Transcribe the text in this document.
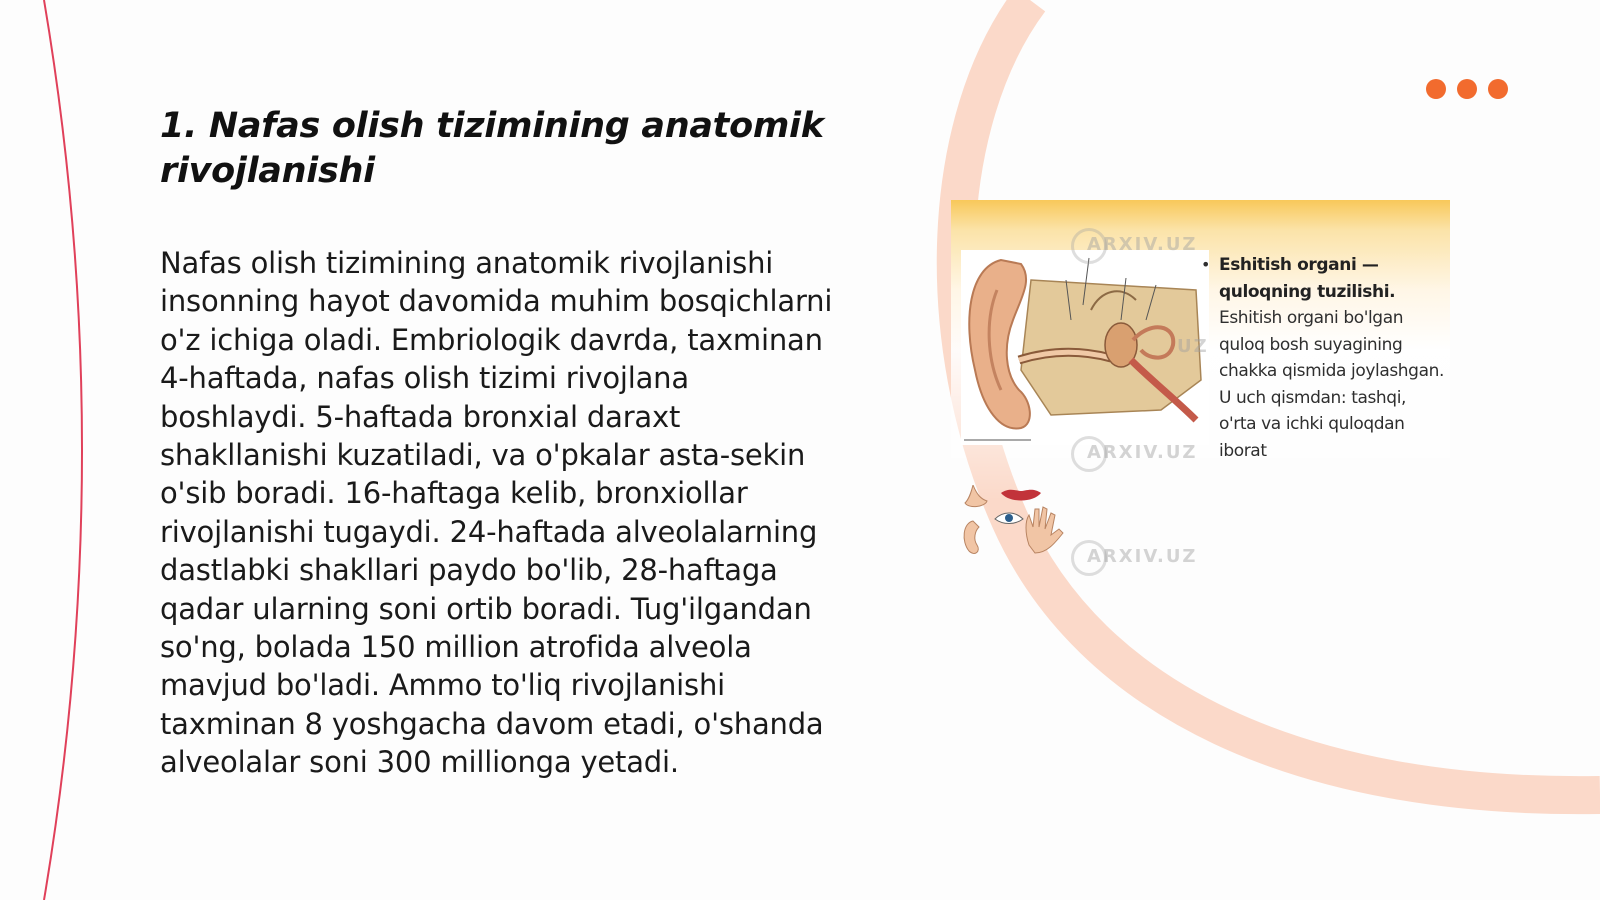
1. Nafas olish tizimining anatomik rivojlanishi

Nafas olish tizimining anatomik rivojlanishi insonning hayot davomida muhim bosqichlarni o'z ichiga oladi. Embriologik davrda, taxminan 4-haftada, nafas olish tizimi rivojlana boshlaydi. 5-haftada bronxial daraxt shakllanishi kuzatiladi, va o'pkalar asta-sekin o'sib boradi. 16-haftaga kelib, bronxiollar rivojlanishi tugaydi. 24-haftada alveolalarning dastlabki shakllari paydo bo'lib, 28-haftaga qadar ularning soni ortib boradi. Tug'ilgandan so'ng, bolada 150 million atrofida alveola mavjud bo'ladi. Ammo to'liq rivojlanishi taxminan 8 yoshgacha davom etadi, o'shanda alveolalar soni 300 millionga yetadi.

ARXIV.UZ
UZ
ARXIV.UZ
ARXIV.UZ
• Eshitish organi — quloqning tuzilishi. Eshitish organi bo'lgan quloq bosh suyagining chakka qismida joylashgan. U uch qismdan: tashqi, o'rta va ichki quloqdan iborat
